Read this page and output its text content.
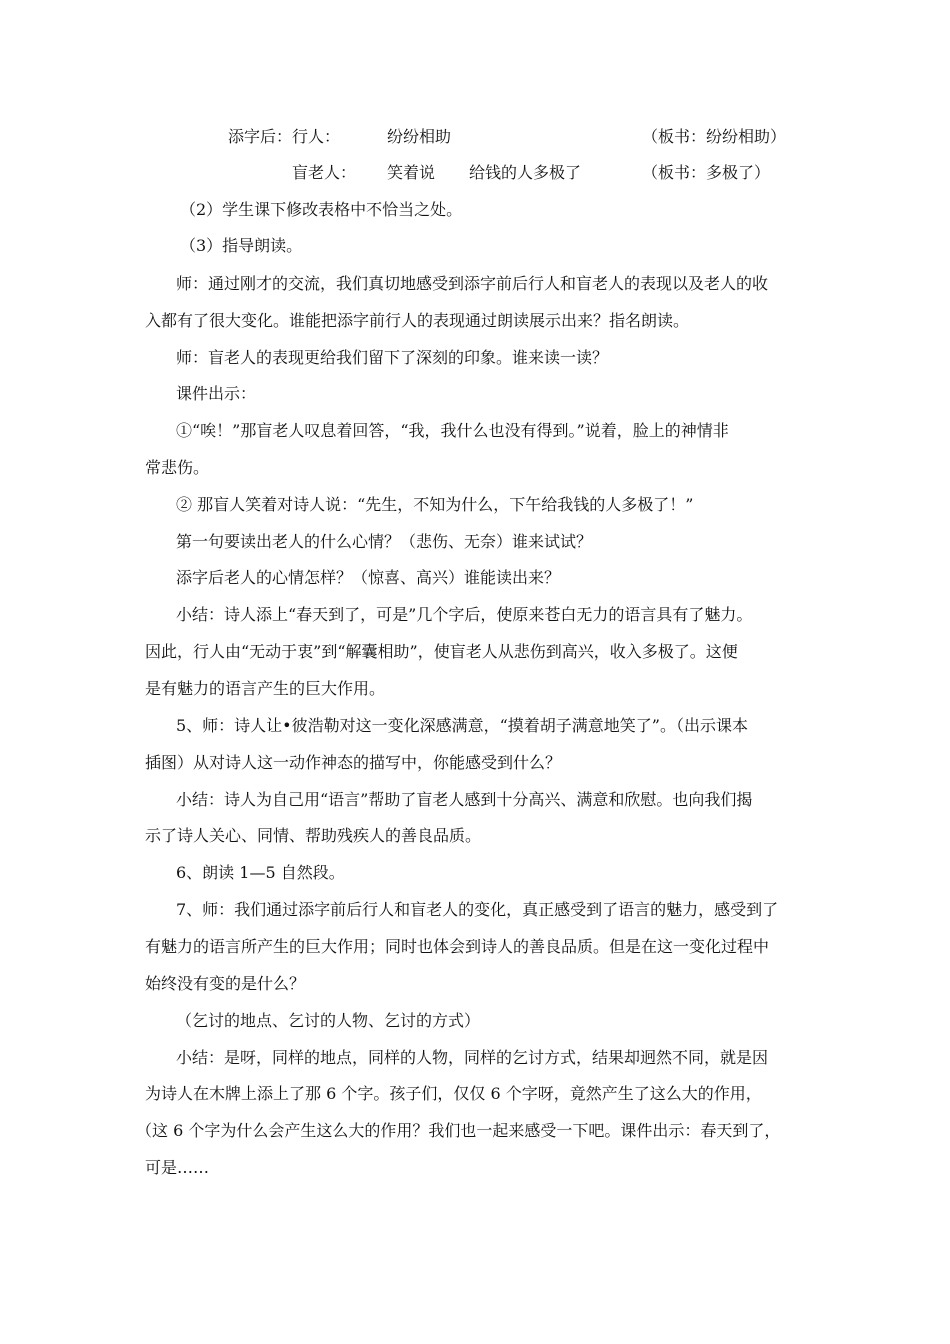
添字后：行人：	纷纷相助	（板书：纷纷相助）
盲老人： 笑着说 给钱的人多极了	（板书：多极了）
（2）学生课下修改表格中不恰当之处。
（3）指导朗读。
师：通过刚才的交流，我们真切地感受到添字前后行人和盲老人的表现以及老人的收
入都有了很大变化。谁能把添字前行人的表现通过朗读展示出来？指名朗读。
师：盲老人的表现更给我们留下了深刻的印象。谁来读一读？
课件出示：
①“唉！”那盲老人叹息着回答，“我，我什么也没有得到。”说着，脸上的神情非
常悲伤。
② 那盲人笑着对诗人说：“先生，不知为什么，下午给我钱的人多极了！”
第一句要读出老人的什么心情？（悲伤、无奈）谁来试试？
添字后老人的心情怎样？（惊喜、高兴）谁能读出来？
小结：诗人添上“春天到了，可是”几个字后，使原来苍白无力的语言具有了魅力。
因此，行人由“无动于衷”到“解囊相助”，使盲老人从悲伤到高兴，收入多极了。这便
是有魅力的语言产生的巨大作用。
5、师：诗人让•彼浩勒对这一变化深感满意，“摸着胡子满意地笑了”。（出示课本
插图）从对诗人这一动作神态的描写中，你能感受到什么？
小结：诗人为自己用“语言”帮助了盲老人感到十分高兴、满意和欣慰。也向我们揭
示了诗人关心、同情、帮助残疾人的善良品质。
6、朗读 1—5 自然段。
7、师：我们通过添字前后行人和盲老人的变化，真正感受到了语言的魅力，感受到了
有魅力的语言所产生的巨大作用；同时也体会到诗人的善良品质。但是在这一变化过程中
始终没有变的是什么？
（乞讨的地点、乞讨的人物、乞讨的方式）
小结：是呀，同样的地点，同样的人物，同样的乞讨方式，结果却迥然不同，就是因
为诗人在木牌上添上了那 6 个字。孩子们，仅仅 6 个字呀，竟然产生了这么大的作用，
（这 6 个字为什么会产生这么大的作用？我们也一起来感受一下吧。课件出示：春天到了，
可是……
